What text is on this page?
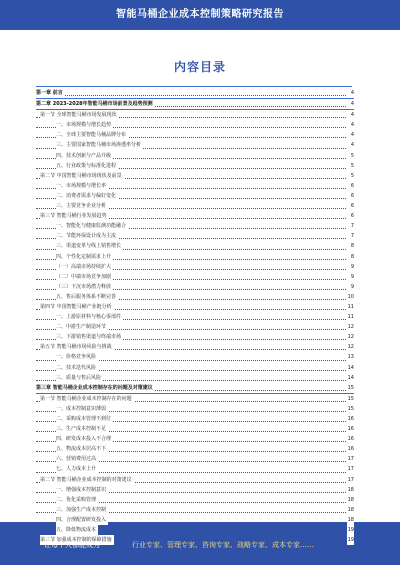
智能马桶企业成本控制策略研究报告
内容目录
第一章 前言	4
第二章 2023-2028年智能马桶市场前景及趋势预测	4
第一节 全球智能马桶市场发展现状	4
一、市场规模与增长趋势	4
二、全球主要智能马桶品牌分布	4
三、主要国家智能马桶市场渗透率分析	4
四、技术创新与产品升级	5
五、行业政策与标准化进程	5
第二节 中国智能马桶市场现状及前景	5
一、市场规模与增长率	6
二、消费者需求与偏好变化	6
三、主要竞争企业分析	6
第三节 智能马桶行业发展趋势	6
一、智能化与健康监测功能融合	7
二、节能环保设计成为主流	7
三、渠道变革与线上销售增长	8
四、个性化定制需求上升	8
（一）高端市场持续扩大	9
（二）中端市场竞争加剧	9
（三）下沉市场潜力释放	9
五、售后服务体系不断完善	10
第四节 中国智能马桶产业链分析	11
一、上游原材料与核心零部件	11
二、中游生产制造环节	12
三、下游销售渠道与终端市场	12
第五节 智能马桶市场风险与挑战	12
一、价格竞争风险	13
二、技术迭代风险	14
三、质量与售后风险	14
第三章 智能马桶企业成本控制存在的问题及对策建议	15
第一节 智能马桶企业成本控制存在的问题	15
一、成本控制意识薄弱	15
二、采购成本管理不到位	16
三、生产成本控制不足	16
四、研发成本投入不合理	16
五、物流成本居高不下	16
六、营销费用过高	17
七、人力成本上升	17
第二节 智能马桶企业成本控制的对策建议	17
一、增强成本控制意识	18
二、优化采购管理	18
三、加强生产成本控制	18
四、合理配置研发投入	18
五、降低物流成本	19
第三节 加强成本控制的保障措施	19
行业专家、管理专家、咨询专家、战略专家、成本专家……
